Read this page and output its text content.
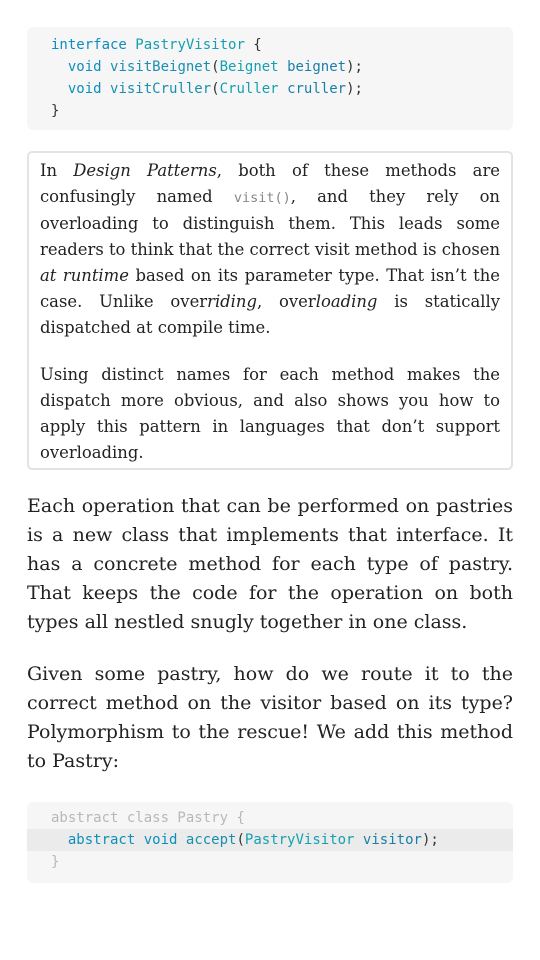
interface PastryVisitor {
void visitBeignet(Beignet beignet);
void visitCruller(Cruller cruller);
}

In Design Patterns, both of these methods are confusingly named visit(), and they rely on overloading to distinguish them. This leads some readers to think that the correct visit method is chosen at runtime based on its parameter type. That isn’t the case. Unlike overriding, overloading is statically dispatched at compile time.

Using distinct names for each method makes the dispatch more obvious, and also shows you how to apply this pattern in languages that don’t support overloading.

Each operation that can be performed on pastries is a new class that implements that interface. It has a concrete method for each type of pastry. That keeps the code for the operation on both types all nestled snugly together in one class.

Given some pastry, how do we route it to the correct method on the visitor based on its type? Polymorphism to the rescue! We add this method to Pastry:

abstract class Pastry {
abstract void accept(PastryVisitor visitor);
}
